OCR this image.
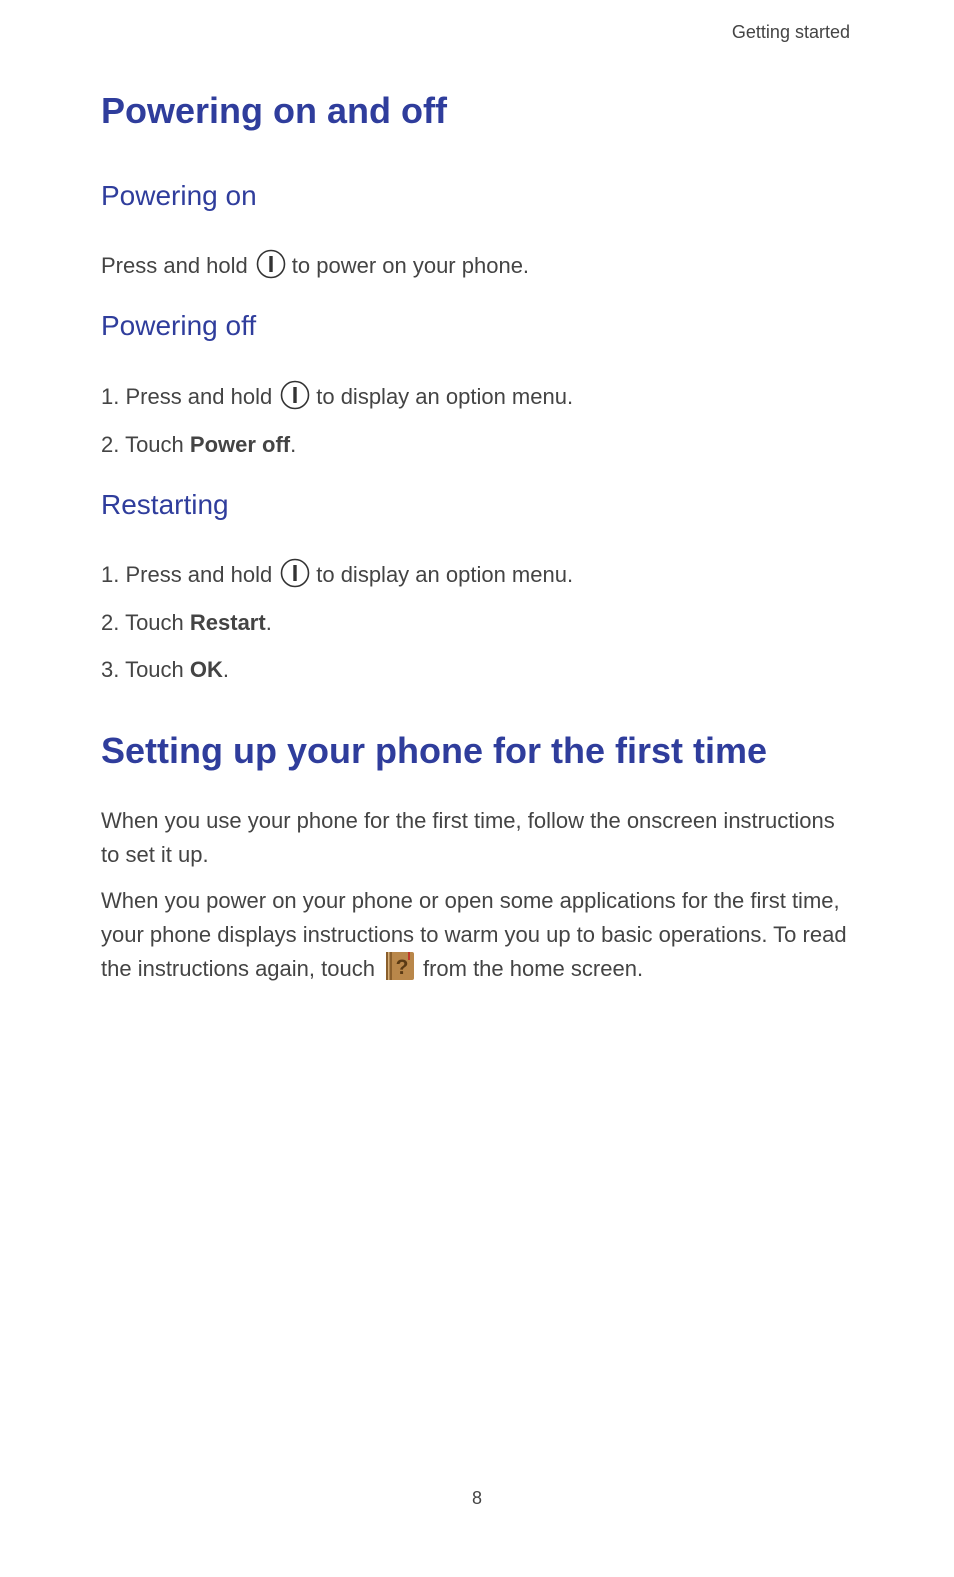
Getting started
Powering on and off
Powering on

Press and hold to power on your phone.

Powering off

1. Press and hold to display an option menu.

2. Touch Power off.

Restarting

1. Press and hold to display an option menu.

2. Touch Restart.

3. Touch OK.

Setting up your phone for the first time

When you use your phone for the first time, follow the onscreen instructions to set it up.

When you power on your phone or open some applications for the first time, your phone displays instructions to warm you up to basic operations. To read the instructions again, touch ? from the home screen.

8
